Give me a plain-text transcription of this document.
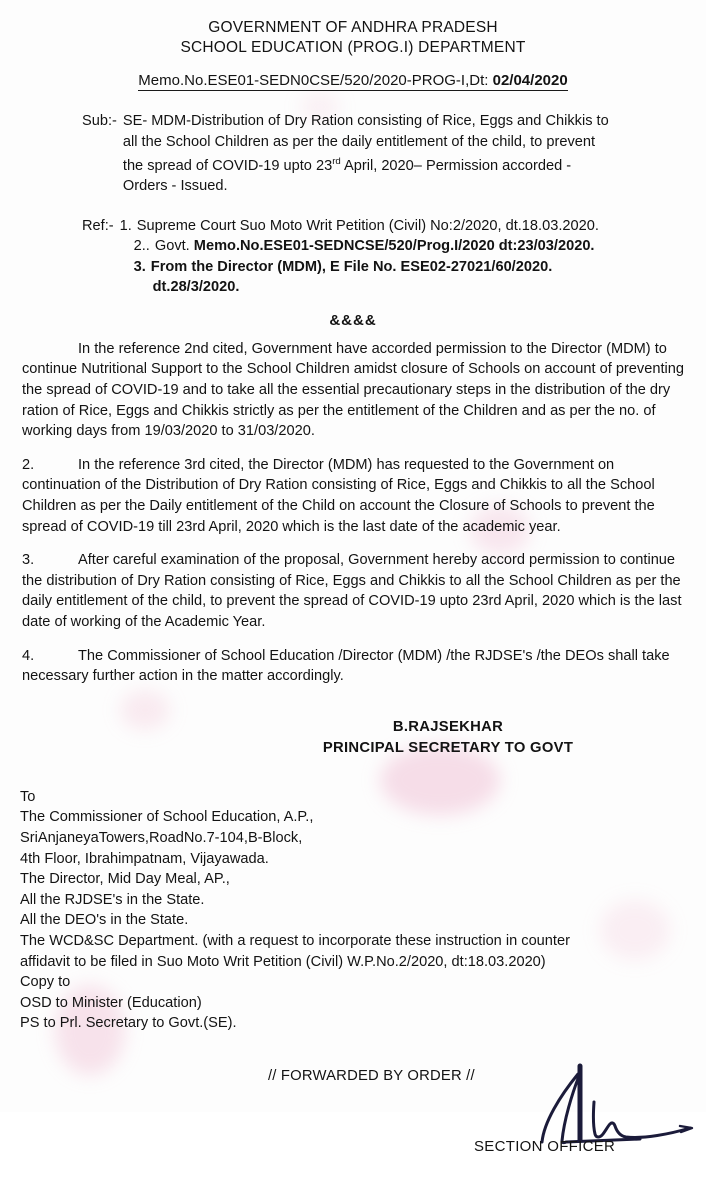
GOVERNMENT OF ANDHRA PRADESH
SCHOOL EDUCATION (PROG.I) DEPARTMENT
Memo.No.ESE01-SEDN0CSE/520/2020-PROG-I,Dt: 02/04/2020
Sub:- SE- MDM-Distribution of Dry Ration consisting of Rice, Eggs and Chikkis to
all the School Children as per the daily entitlement of the child, to prevent
the spread of COVID-19 upto 23rd April, 2020– Permission accorded -
Orders - Issued.
Ref:- 1. Supreme Court Suo Moto Writ Petition (Civil) No:2/2020, dt.18.03.2020.
2.. Govt. Memo.No.ESE01-SEDNCSE/520/Prog.I/2020 dt:23/03/2020.
3. From the Director (MDM), E File No. ESE02-27021/60/2020.
dt.28/3/2020.
&&&&
In the reference 2nd cited, Government have accorded permission to the Director (MDM) to continue Nutritional Support to the School Children amidst closure of Schools on account of preventing the spread of COVID-19 and to take all the essential precautionary steps in the distribution of the dry ration of Rice, Eggs and Chikkis strictly as per the entitlement of the Children and as per the no. of working days from 19/03/2020 to 31/03/2020.
2.	In the reference 3rd cited, the Director (MDM) has requested to the Government on continuation of the Distribution of Dry Ration consisting of Rice, Eggs and Chikkis to all the School Children as per the Daily entitlement of the Child on account the Closure of Schools to prevent the spread of COVID-19 till 23rd April, 2020 which is the last date of the academic year.
3.	After careful examination of the proposal, Government hereby accord permission to continue the distribution of Dry Ration consisting of Rice, Eggs and Chikkis to all the School Children as per the daily entitlement of the child, to prevent the spread of COVID-19 upto 23rd April, 2020 which is the last date of working of the Academic Year.
4.	The Commissioner of School Education /Director (MDM) /the RJDSE's /the DEOs shall take necessary further action in the matter accordingly.
B.RAJSEKHAR
PRINCIPAL SECRETARY TO GOVT
To
The Commissioner of School Education, A.P.,
SriAnjaneyaTowers,RoadNo.7-104,B-Block,
4th Floor, Ibrahimpatnam, Vijayawada.
The Director, Mid Day Meal, AP.,
All the RJDSE's in the State.
All the DEO's in the State.
The WCD&SC Department. (with a request to incorporate these instruction in counter
affidavit to be filed in Suo Moto Writ Petition (Civil) W.P.No.2/2020, dt:18.03.2020)
Copy to
OSD to Minister (Education)
PS to Prl. Secretary to Govt.(SE).
// FORWARDED BY ORDER //
SECTION OFFICER
